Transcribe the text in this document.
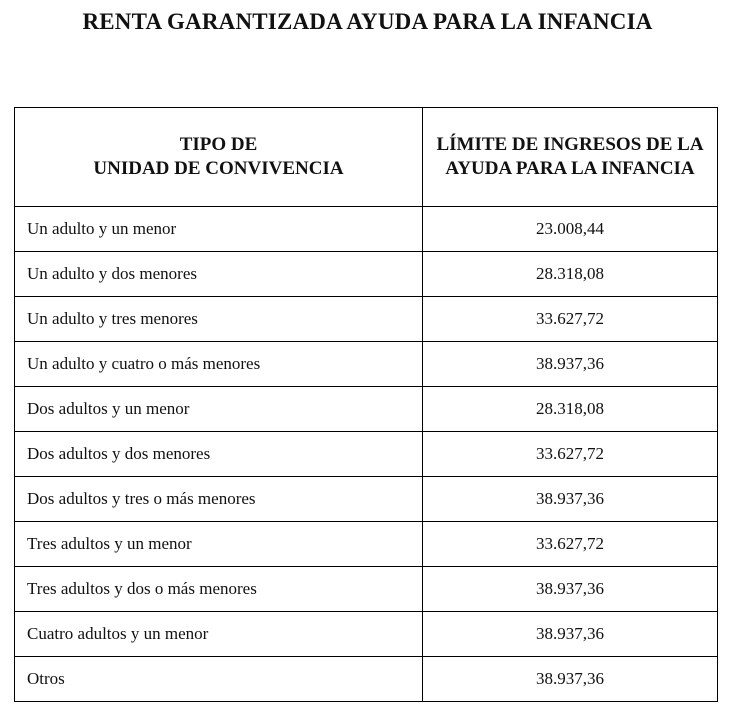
RENTA GARANTIZADA AYUDA PARA LA INFANCIA
TIPO DE
UNIDAD DE CONVIVENCIA	LÍMITE DE INGRESOS DE LA
AYUDA PARA LA INFANCIA

Un adulto y un menor	23.008,44
Un adulto y dos menores	28.318,08
Un adulto y tres menores	33.627,72
Un adulto y cuatro o más menores	38.937,36
Dos adultos y un menor	28.318,08
Dos adultos y dos menores	33.627,72
Dos adultos y tres o más menores	38.937,36
Tres adultos y un menor	33.627,72
Tres adultos y dos o más menores	38.937,36
Cuatro adultos y un menor	38.937,36
Otros	38.937,36
